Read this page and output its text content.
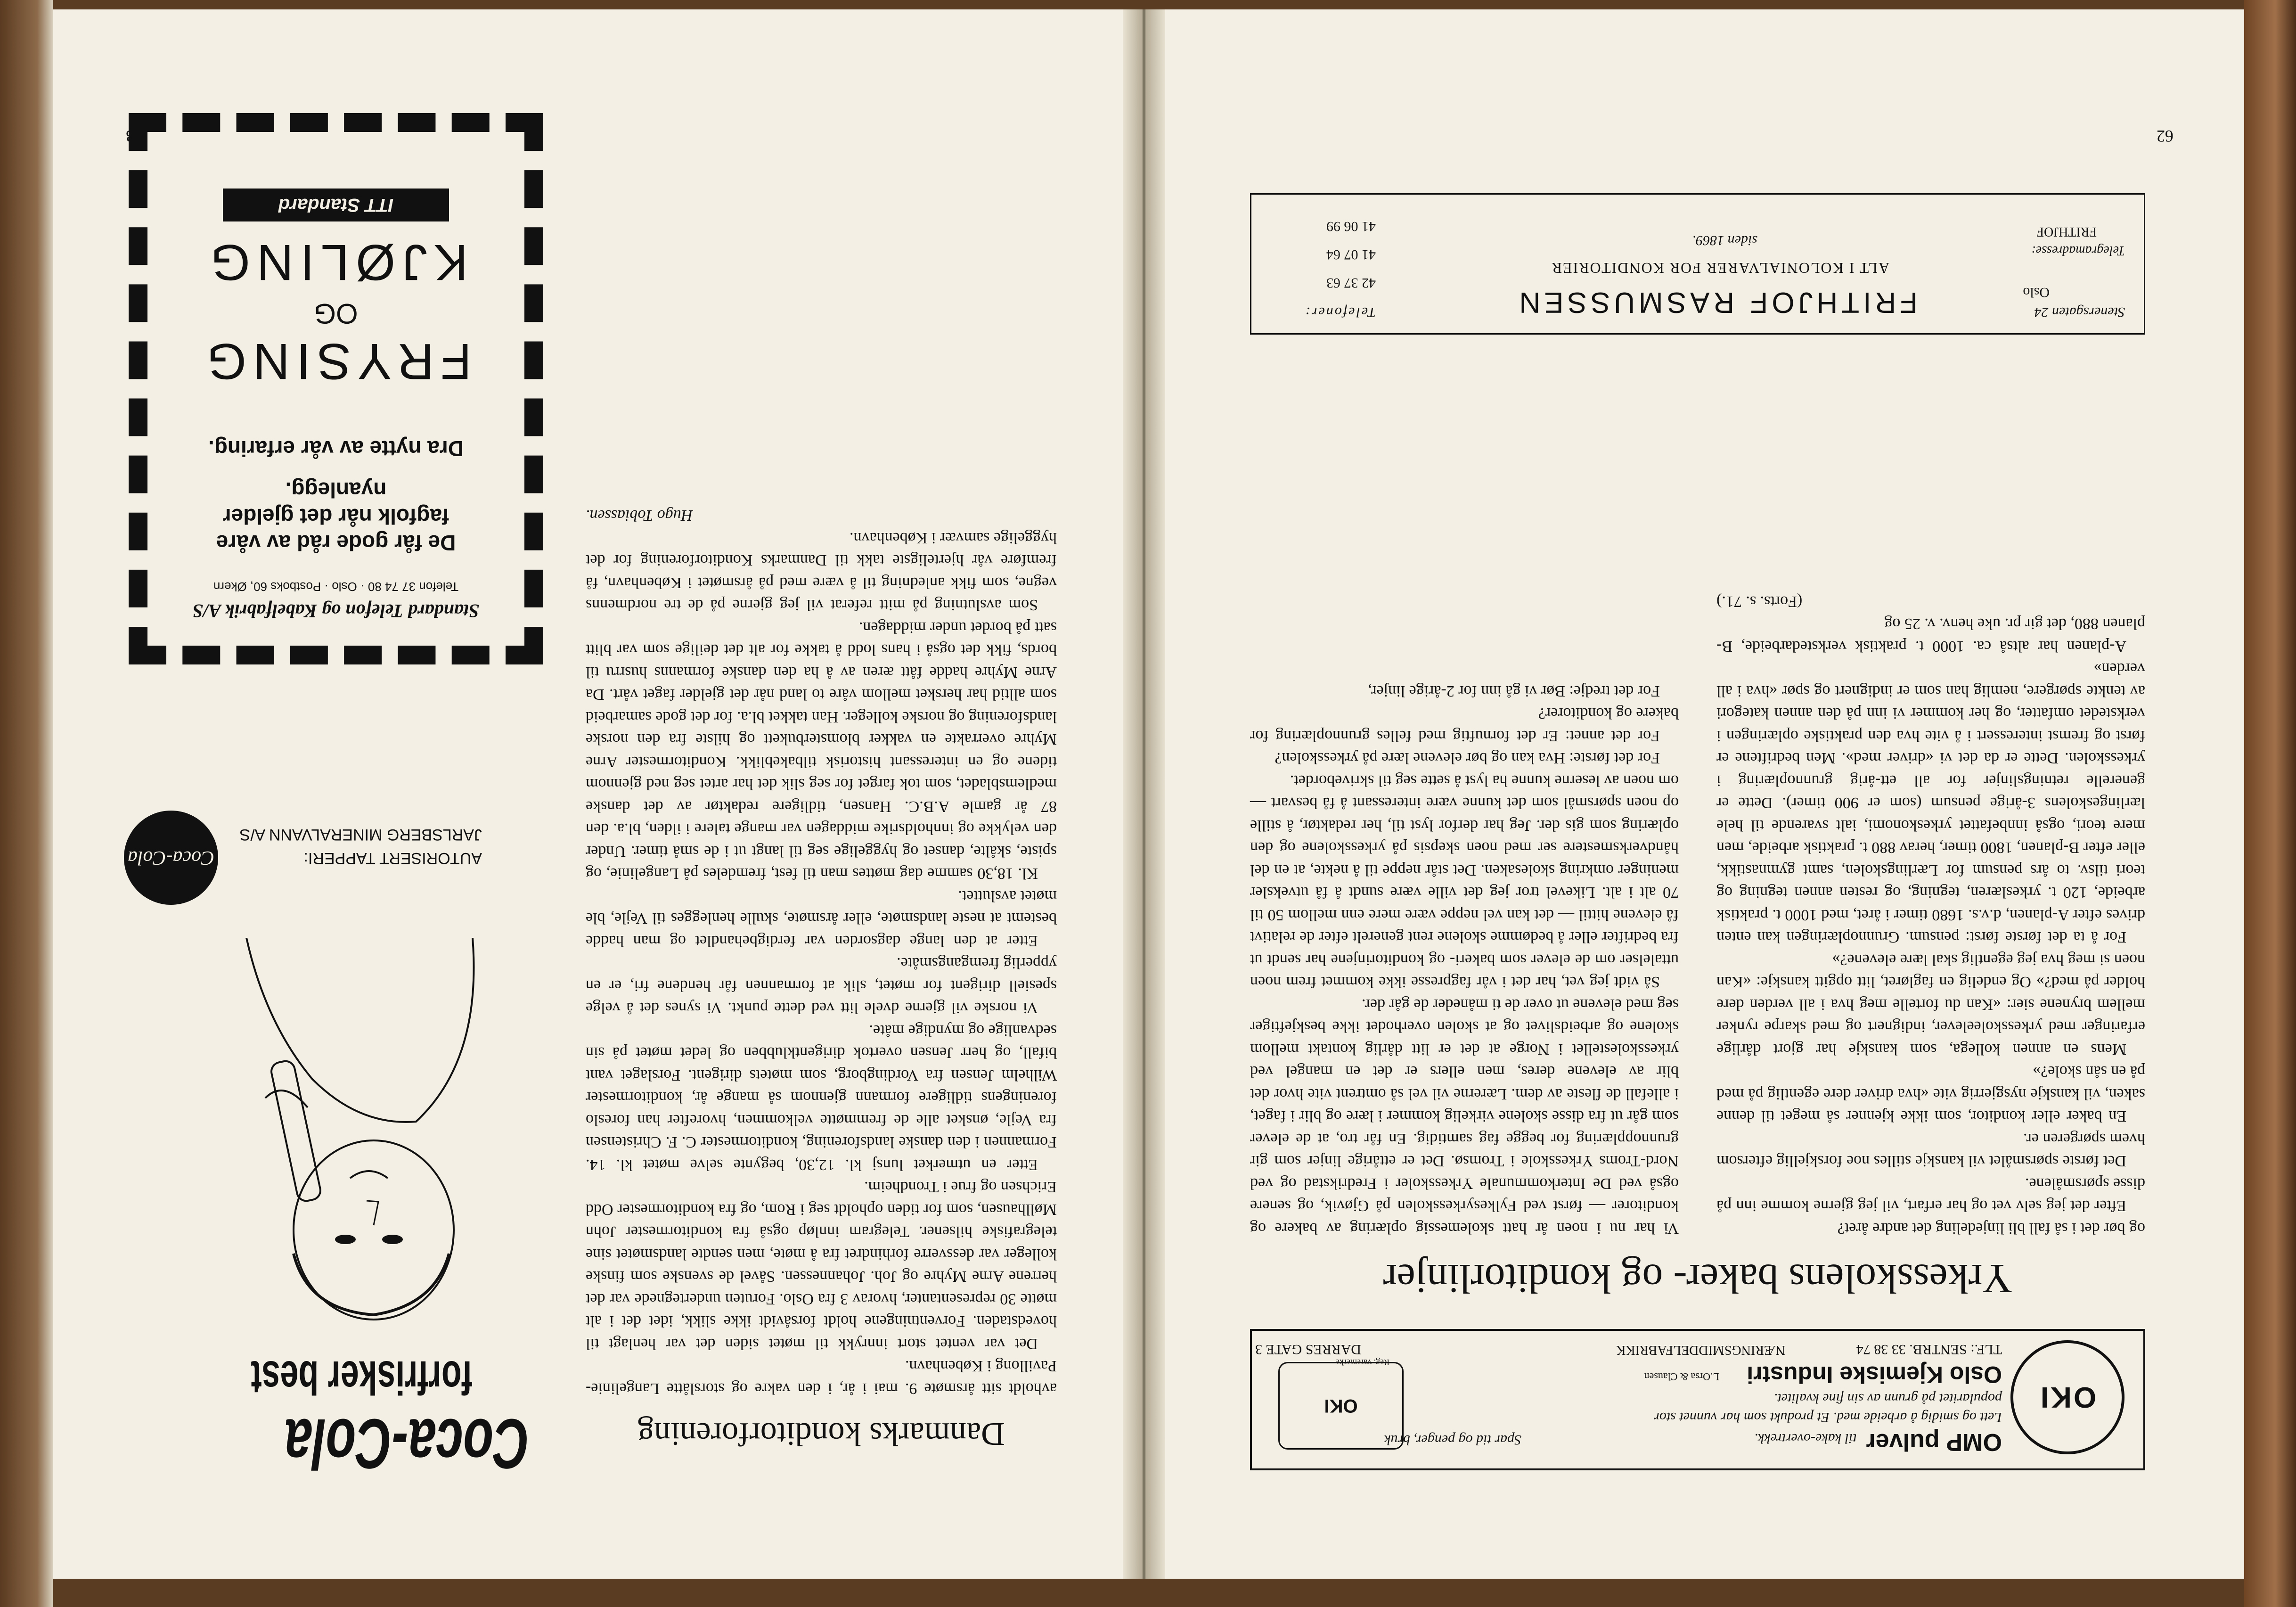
62
OKI
OMP pulver til kake-overtrekk.
Spar tid og penger, bruk
Lett og smidig å arbeide med. Et produkt som har vunnet stor
popularitet på grunn av sin fine kvalitet.
Oslo Kjemiske Industri
L.Orsa & Clausen
NÆRINGSMIDDELFABRIKK	TLF.: SENTRB. 33 38 74
DARRES GATE 3
OKI
Reg. varemerke
Yrkesskolens baker- og konditorlinjer

Vi har nu i noen år hatt skolemessig oplæring av bakere og konditorer — først ved Fylkesyrkesskolen på Gjøvik, og senere også ved De Interkommunale Yrkesskoler i Fredrikstad og ved Nord-Troms Yrkesskole i Tromsø. Det er ettårige linjer som gir grunnopplæring for begge fag samtidig. En får tro, at de elever som går ut fra disse skolene virkelig kommer i lære og blir i faget, i allefall de fleste av dem. Lærerne vil vel så omtrent vite hvor det blir av elevene deres, men ellers er det en mangel ved yrkesskolestellet i Norge at det er litt dårlig kontakt mellom skolene og arbeidslivet og at skolen overhodet ikke beskjeftiger seg med elevene ut over de ti måneder de går der.

Så vidt jeg vet, har det i vår fagpresse ikke kommet frem noen uttalelser om de elever som bakeri- og konditorinjene har sendt ut fra bedrifter eller å bedømme skolene rent generelt efter de relativt få elevene hittil — det kan vel neppe være mere enn mellom 50 til 70 alt i alt. Likevel tror jeg det ville være sundt å få utveksler meninger omkring skolesaken. Det står neppe til å nekte, at en del håndverksmestere ser med noen skepsis på yrkesskolene og den oplæring som gis der. Jeg har derfor lyst til, her redaktør, å stille op noen spørsmål som det kunne være interessant å få besvart — om noen av leserne kunne ha lyst å sette seg til skrivebordet.

For det første: Hva kan og bør elevene lære på yrkesskolen?

For det annet: Er det fornuftig med felles grunnoplæring for bakere og konditorer?

For det tredje: Bør vi gå inn for 2-årige linjer,

og bør det i så fall bli linjedeling det andre året?

Efter det jeg selv vet og har erfart, vil jeg gjerne komme inn på disse spørsmålene.

Det første spørsmålet vil kanskje stilles noe forskjellig eftersom hvem spørgeren er.

En baker eller konditor, som ikke kjenner så meget til denne saken, vil kanskje nysgjerrig vite «hva driver dere egentlig på med på en sån skole?»

Mens en annen kollega, som kanskje har gjort dårlige erfaringer med yrkesskoleelever, indignert og med skarpe rynker mellem brynene sier: «Kan du fortelle meg hva i all verden dere holder på med?» Og endelig en fagløret, litt opgitt kanskje: «Kan noen si meg hva jeg egentlig skal lære elevene?»

For å ta det første først: pensum. Grunnoplæringen kan enten drives efter A-planen, d.v.s. 1680 timer i året, med 1000 t. praktisk arbeide, 120 t. yrkeslæren, tegning, og resten annen tegning og teori tilsv. to års pensum for Lærlingskolen, samt gymnastikk, eller efter B-planen, 1800 timer, herav 880 t. praktisk arbeide, men mere teori, også innbefattet yrkeskonomi, ialt svarende til hele lærlingeskolens 3-årige pensum (som er 900 timer). Dette er generelle retningslinjer for all ett-årig grunnoplæring i yrkesskolen. Dette er da det vi «driver med». Men bedriftene er først og fremst interessert i å vite hva den praktiske oplæringen i verkstedet omfatter, og her kommer vi inn på den annen kategori av tenkte spørgere, nemlig han som er indignert og spør «hva i all verden»

A-planen har altså ca. 1000 t. praktisk verkstedarbeide, B-planen 880, det gir pr. uke henv. v. 25 og

(Forts. s. 71.)

Stenersgaten 24
Oslo
FRITHJOF RASMUSSEN
ALT I KOLONIALVARER FOR KONDITORIER
siden 1869.
Telegramadresse:
FRITHJOF
Telefoner:
42 37 63
41 07 64
41 06 99
63
Danmarks konditorforening

avholdt sitt årsmøte 9. mai i år, i den vakre og storslåtte Langelinie-Pavillong i København.

Det var ventet stort innrykk til møtet siden det var henlagt til hovedstaden. Forventningene holdt forsåvidt ikke slikk, idet det i alt møtte 30 representanter, hvorav 3 fra Oslo. Foruten undertegnede var det herrene Arne Myhre og Joh. Johannessen. Såvel de svenske som finske kolleger var dessverre forhindret fra å møte, men sendte landsmøtet sine telegrafiske hilsener. Telegram innløp også fra konditormester John Møllhausen, som for tiden opholdt seg i Rom, og fra konditormester Odd Erichsen og frue i Trondheim.

Etter en utmerket lunsj kl. 12,30, begynte selve møtet kl. 14. Formannen i den danske landsforening, konditormester C. F. Christensen fra Vejle, ønsket alle de fremmøtte velkommen, hvorefter han foreslo foreningens tidligere formann gjennom så mange år, konditormester Wilhelm Jensen fra Vordingborg, som møtets dirigent. Forslaget vant bifall, og herr Jensen overtok dirigentklubben og ledet møtet på sin sedvanlige og myndige måte.

Vi norske vil gjerne dvele litt ved dette punkt. Vi synes det å velge spesiell dirigent for møtet, slik at formannen får hendene fri, er en ypperlig fremgangsmåte.

Etter at den lange dagsorden var ferdigbehandlet og man hadde bestemt at neste landsmøte, eller årsmøte, skulle henlegges til Vejle, ble møtet avsluttet.

Kl. 18,30 samme dag møttes man til fest, fremdeles på Langelinie, og spiste, skålte, danset og hyggelige seg til langt ut i de små timer. Under den velykke og innholdsrike middagen var mange talere i ilden, bl.a. den 87 år gamle A.B.C. Hansen, tidligere redaktør av det danske medlemsbladet, som tok farget for seg slik det har artet seg ned gjennom tidene og en interessant historisk tilbakeblikk. Konditormester Arne Myhre overrakte en vakker blomsterbukett og hilste fra den norske landsforening og norske kolleger. Han takket bl.a. for det gode samarbeid som alltid har hersket mellom våre to land når det gjelder faget vårt. Da Arne Myhre hadde fått æren av å ha den danske formanns husrru til bords, fikk det også i hans lodd å takke for alt det deilige som var blitt satt på bordet under middagen.

Som avslutning på mitt referat vil jeg gjerne på de tre nordmenns vegne, som fikk anledning til å være med på årsmøtet i København, få fremføre vår hjerteligste takk til Danmarks Konditorforening for det hyggelige samvær i København.

Hugo Tobiassen.

Coca-Cola
forfrisker best
Coca-Cola	AUTORISERT TAPPERI:
JARLSBERG MINERALVANN A/S
Standard Telefon og Kabelfabrik A/S
Telefon 37 74 80 · Oslo · Postboks 60, Økern
De får gode råd av våre fagfolk når det gjelder nyanlegg.
Dra nytte av vår erfaring.
FRYSING
OG
KJØLING
ITT Standard
